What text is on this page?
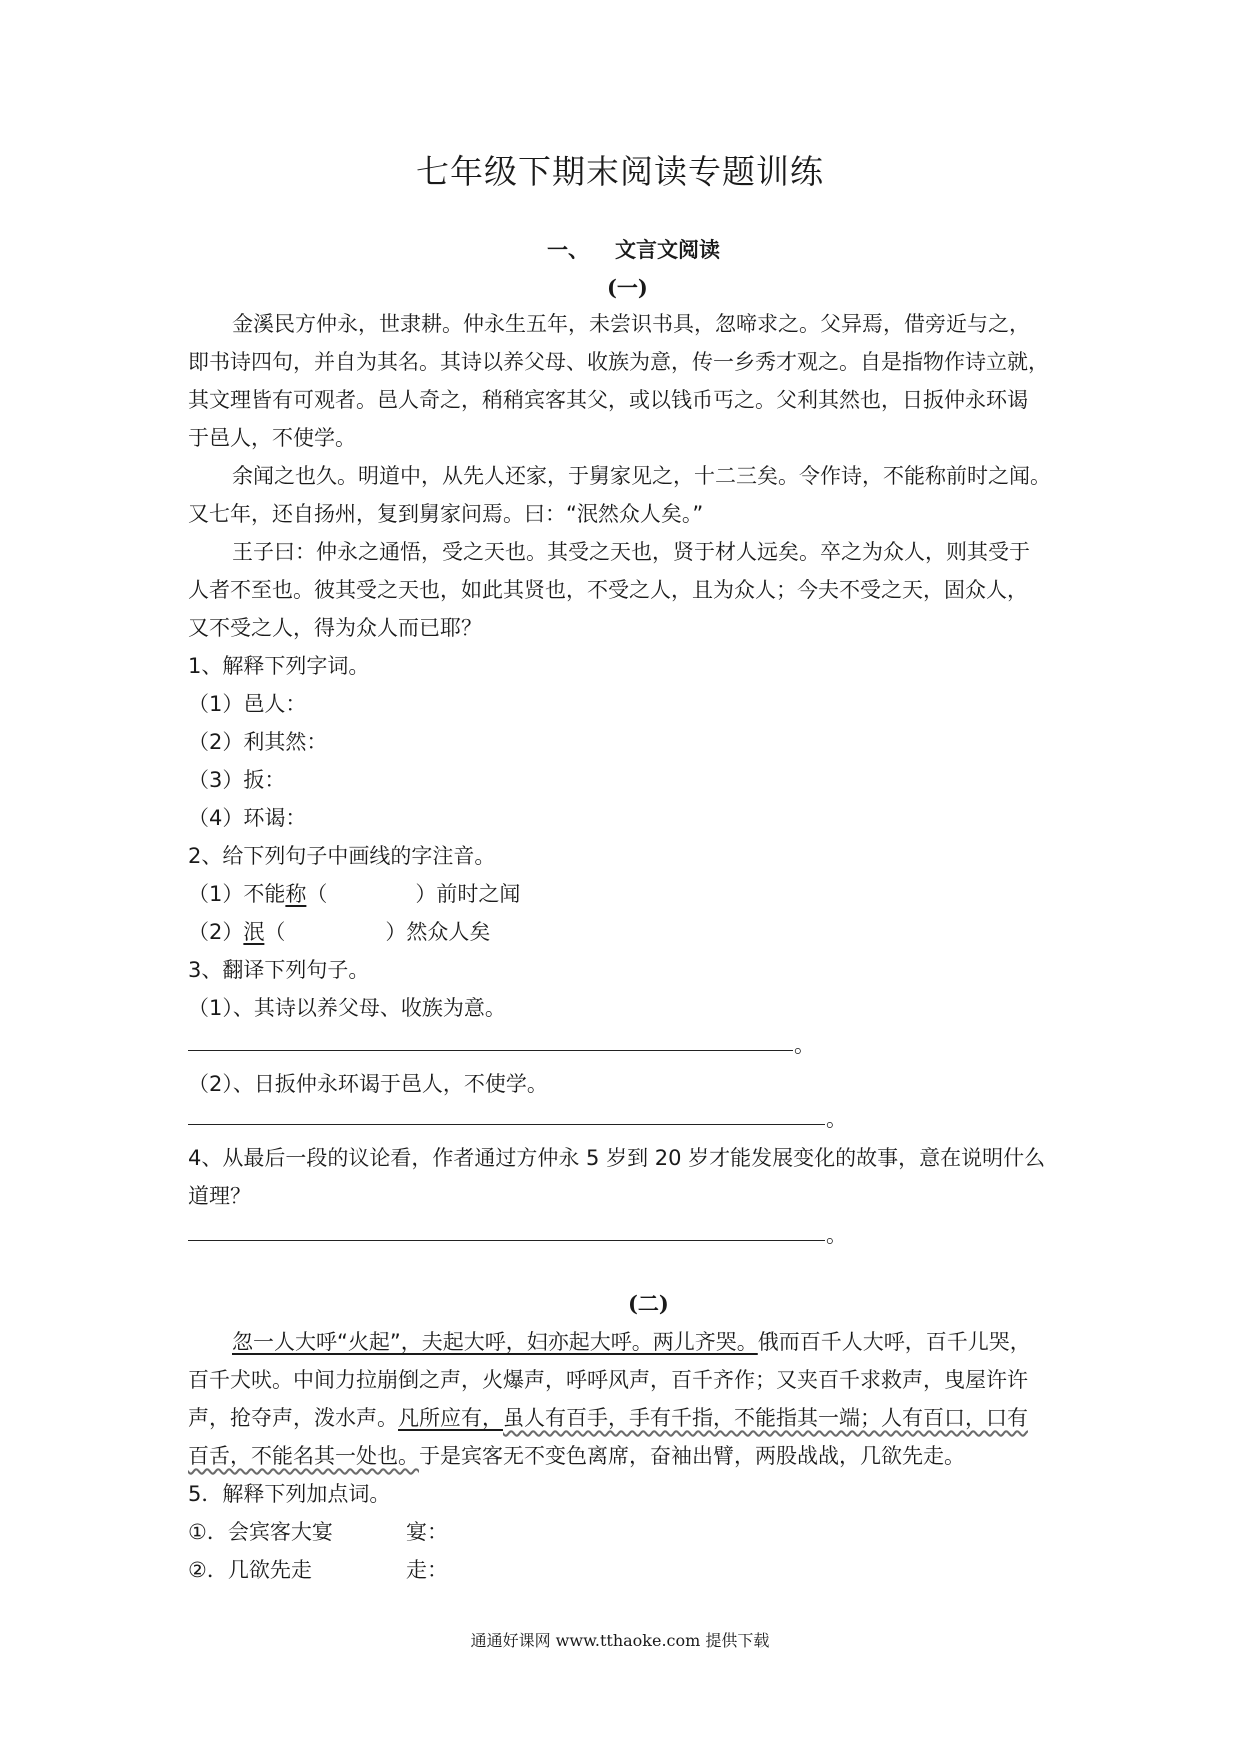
七年级下期末阅读专题训练
一、 文言文阅读
(一)
金溪民方仲永，世隶耕。仲永生五年，未尝识书具，忽啼求之。父异焉，借旁近与之，
即书诗四句，并自为其名。其诗以养父母、收族为意，传一乡秀才观之。自是指物作诗立就，
其文理皆有可观者。邑人奇之，稍稍宾客其父，或以钱币丐之。父利其然也，日扳仲永环谒
于邑人，不使学。
余闻之也久。明道中，从先人还家，于舅家见之，十二三矣。令作诗，不能称前时之闻。
又七年，还自扬州，复到舅家问焉。曰：“泯然众人矣。”
王子曰：仲永之通悟，受之天也。其受之天也，贤于材人远矣。卒之为众人，则其受于
人者不至也。彼其受之天也，如此其贤也，不受之人，且为众人；今夫不受之天，固众人，
又不受之人，得为众人而已耶？
1、解释下列字词。
（1）邑人：
（2）利其然：
（3）扳：
（4）环谒：
2、给下列句子中画线的字注音。
（1）不能称（	）前时之闻
（2）泯（	）然众人矣
3、翻译下列句子。
（1）、其诗以养父母、收族为意。
。
（2）、日扳仲永环谒于邑人，不使学。
。
4、从最后一段的议论看，作者通过方仲永 5 岁到 20 岁才能发展变化的故事，意在说明什么
道理？
。
(二)
忽一人大呼“火起”，夫起大呼，妇亦起大呼。两儿齐哭。俄而百千人大呼，百千儿哭，
百千犬吠。中间力拉崩倒之声，火爆声，呼呼风声，百千齐作；又夹百千求救声，曳屋许许
声，抢夺声，泼水声。凡所应有，虽人有百手，手有千指，不能指其一端；人有百口，口有
百舌，不能名其一处也。于是宾客无不变色离席，奋袖出臂，两股战战，几欲先走。
5．解释下列加点词。
①．会宾客大宴	宴：
②．几欲先走	走：
通通好课网 www.tthaoke.com 提供下载
